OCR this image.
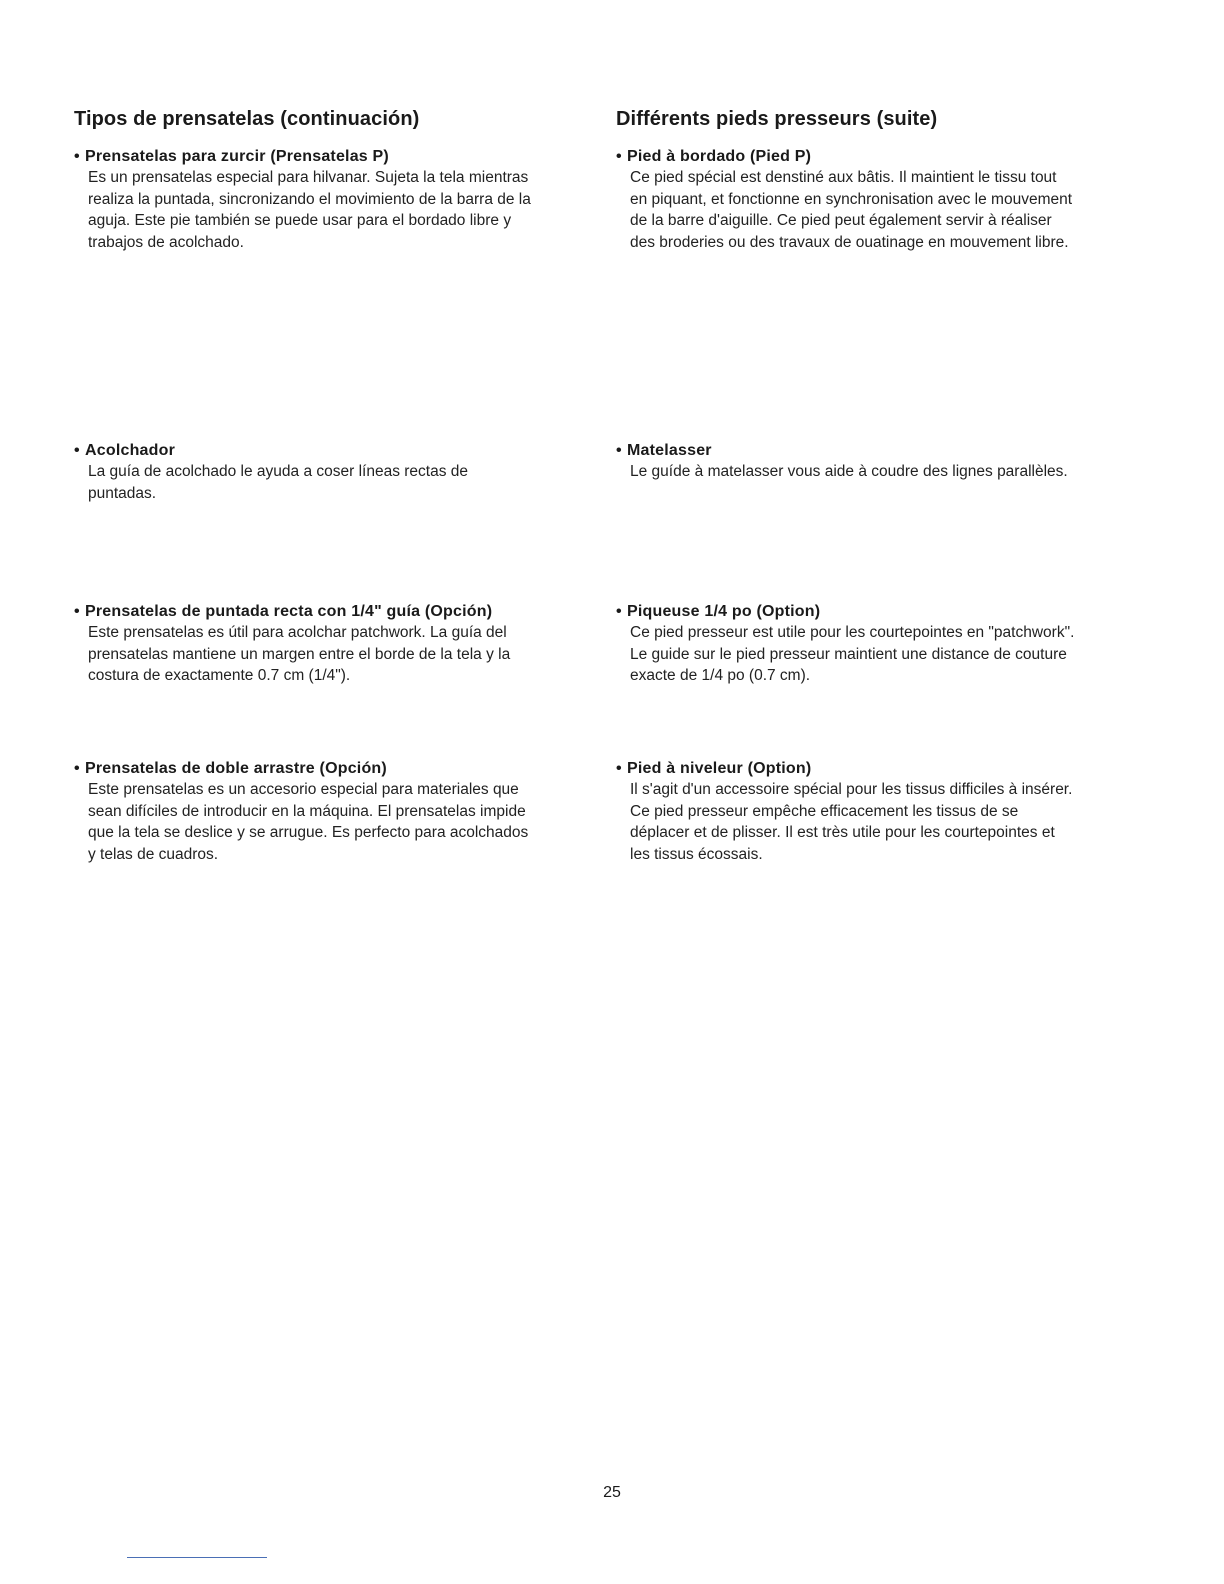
Tipos de prensatelas (continuación)	Différents pieds presseurs (suite)
• Prensatelas para zurcir (Prensatelas P)

Es un prensatelas especial para hilvanar. Sujeta la tela mientras
realiza la puntada, sincronizando el movimiento de la barra de la
aguja. Este pie también se puede usar para el bordado libre y
trabajos de acolchado.

• Acolchador

La guía de acolchado le ayuda a coser líneas rectas de
puntadas.

• Prensatelas de puntada recta con 1/4" guía (Opción)

Este prensatelas es útil para acolchar patchwork. La guía del
prensatelas mantiene un margen entre el borde de la tela y la
costura de exactamente 0.7 cm (1/4").

• Prensatelas de doble arrastre (Opción)

Este prensatelas es un accesorio especial para materiales que
sean difíciles de introducir en la máquina. El prensatelas impide
que la tela se deslice y se arrugue. Es perfecto para acolchados
y telas de cuadros.

• Pied à bordado (Pied P)

Ce pied spécial est denstiné aux bâtis. Il maintient le tissu tout
en piquant, et fonctionne en synchronisation avec le mouvement
de la barre d'aiguille. Ce pied peut également servir à réaliser
des broderies ou des travaux de ouatinage en mouvement libre.

• Matelasser

Le guíde à matelasser vous aide à coudre des lignes parallèles.

• Piqueuse 1/4 po (Option)

Ce pied presseur est utile pour les courtepointes en "patchwork".
Le guide sur le pied presseur maintient une distance de couture
exacte de 1/4 po (0.7 cm).

• Pied à niveleur (Option)

Il s'agit d'un accessoire spécial pour les tissus difficiles à insérer.
Ce pied presseur empêche efficacement les tissus de se
déplacer et de plisser. Il est très utile pour les courtepointes et
les tissus écossais.

25
